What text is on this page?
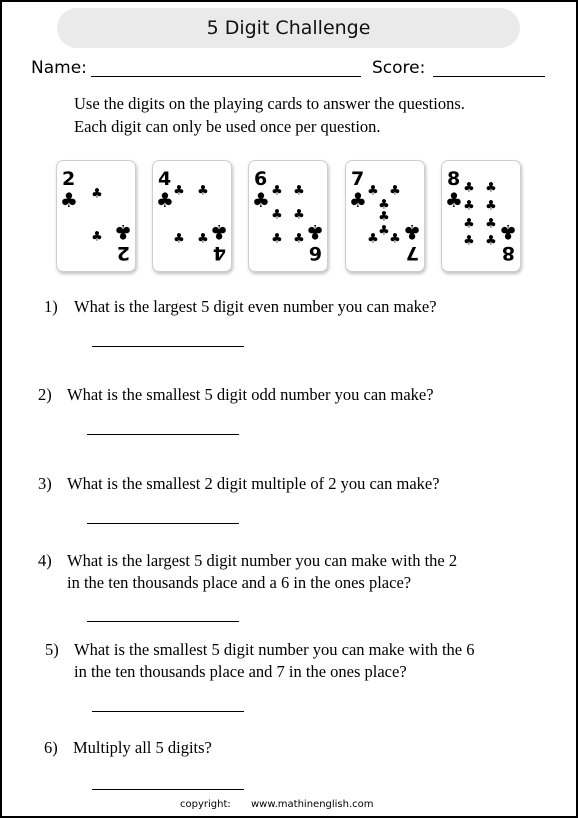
5 Digit Challenge
Name:	Score:
Use the digits on the playing cards to answer the questions.
Each digit can only be used once per question.
2
♣
2
♣
♣
♣
4
♣
4
♣
♣ ♣
♣ ♣
6
♣
6
♣
♣ ♣
♣ ♣
♣ ♣
7
♣
7
♣
♣ ♣
♣
♣
♣ ♣
♣
8
♣
8
♣
♣ ♣
♣ ♣
♣ ♣
♣ ♣
1) What is the largest 5 digit even number you can make?
2) What is the smallest 5 digit odd number you can make?
3) What is the smallest 2 digit multiple of 2 you can make?
4) What is the largest 5 digit number you can make with the 2
in the ten thousands place and a 6 in the ones place?
5) What is the smallest 5 digit number you can make with the 6
in the ten thousands place and 7 in the ones place?
6) Multiply all 5 digits?
copyright: www.mathinenglish.com
